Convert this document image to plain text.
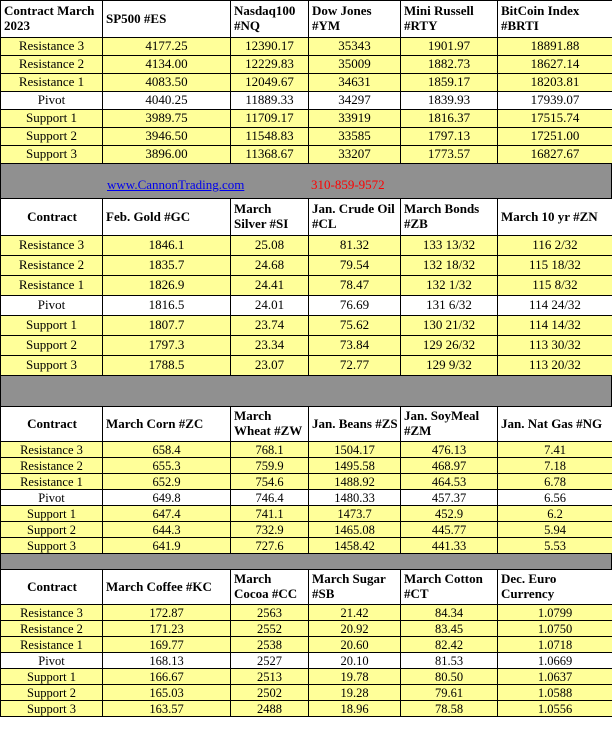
Contract March 2023	SP500 #ES	Nasdaq100 #NQ	Dow Jones #YM	Mini Russell #RTY	BitCoin Index #BRTI
Resistance 3	4177.25	12390.17	35343	1901.97	18891.88
Resistance 2	4134.00	12229.83	35009	1882.73	18627.14
Resistance 1	4083.50	12049.67	34631	1859.17	18203.81
Pivot	4040.25	11889.33	34297	1839.93	17939.07
Support 1	3989.75	11709.17	33919	1816.37	17515.74
Support 2	3946.50	11548.83	33585	1797.13	17251.00
Support 3	3896.00	11368.67	33207	1773.57	16827.67
www.CannonTrading.com	310-859-9572
Contract	Feb. Gold #GC	March Silver #SI	Jan. Crude Oil #CL	March Bonds #ZB	March 10 yr #ZN
Resistance 3	1846.1	25.08	81.32	133 13/32	116 2/32
Resistance 2	1835.7	24.68	79.54	132 18/32	115 18/32
Resistance 1	1826.9	24.41	78.47	132 1/32	115 8/32
Pivot	1816.5	24.01	76.69	131 6/32	114 24/32
Support 1	1807.7	23.74	75.62	130 21/32	114 14/32
Support 2	1797.3	23.34	73.84	129 26/32	113 30/32
Support 3	1788.5	23.07	72.77	129 9/32	113 20/32
Contract	March Corn #ZC	March Wheat #ZW	Jan. Beans #ZS	Jan. SoyMeal #ZM	Jan. Nat Gas #NG
Resistance 3	658.4	768.1	1504.17	476.13	7.41
Resistance 2	655.3	759.9	1495.58	468.97	7.18
Resistance 1	652.9	754.6	1488.92	464.53	6.78
Pivot	649.8	746.4	1480.33	457.37	6.56
Support 1	647.4	741.1	1473.7	452.9	6.2
Support 2	644.3	732.9	1465.08	445.77	5.94
Support 3	641.9	727.6	1458.42	441.33	5.53
Contract	March Coffee #KC	March Cocoa #CC	March Sugar #SB	March Cotton #CT	Dec. Euro Currency
Resistance 3	172.87	2563	21.42	84.34	1.0799
Resistance 2	171.23	2552	20.92	83.45	1.0750
Resistance 1	169.77	2538	20.60	82.42	1.0718
Pivot	168.13	2527	20.10	81.53	1.0669
Support 1	166.67	2513	19.78	80.50	1.0637
Support 2	165.03	2502	19.28	79.61	1.0588
Support 3	163.57	2488	18.96	78.58	1.0556
